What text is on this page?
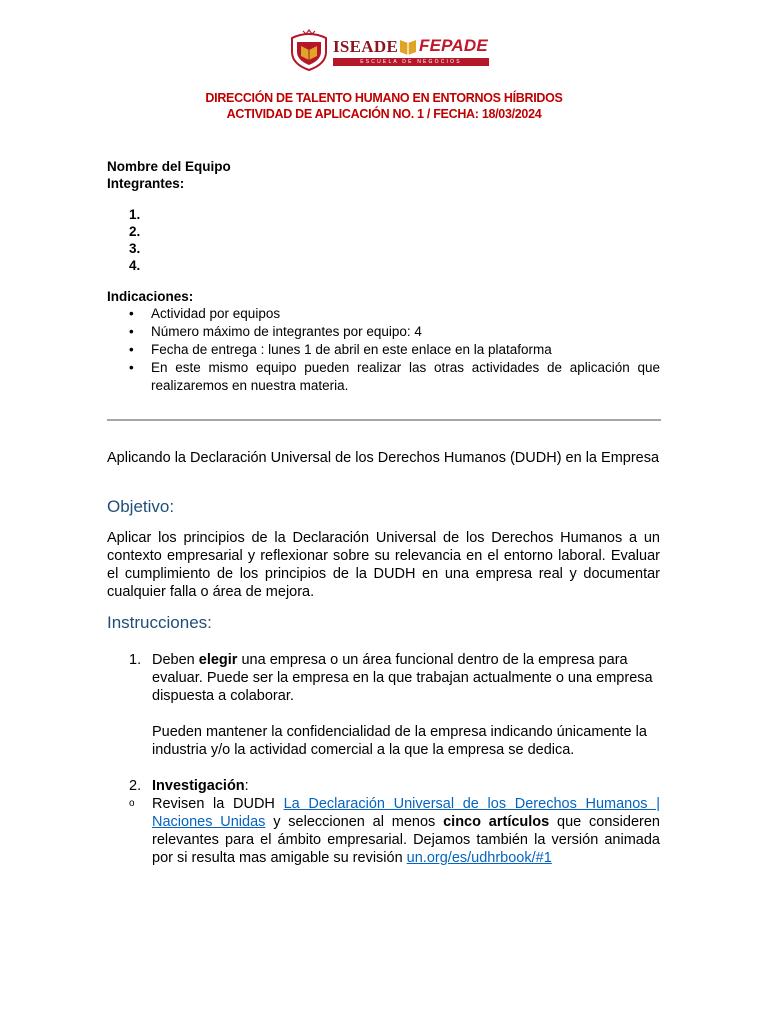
ISEADE FEPADE
ESCUELA DE NEGOCIOS
DIRECCIÓN DE TALENTO HUMANO EN ENTORNOS HÍBRIDOS
ACTIVIDAD DE APLICACIÓN NO. 1 / FECHA: 18/03/2024
Nombre del Equipo
Integrantes:
1.
2.
3.
4.
Indicaciones:
• Actividad por equipos
• Número máximo de integrantes por equipo: 4
• Fecha de entrega : lunes 1 de abril en este enlace en la plataforma
• En este mismo equipo pueden realizar las otras actividades de aplicación que realizaremos en nuestra materia.
Aplicando la Declaración Universal de los Derechos Humanos (DUDH) en la Empresa
Objetivo:
Aplicar los principios de la Declaración Universal de los Derechos Humanos a un contexto empresarial y reflexionar sobre su relevancia en el entorno laboral. Evaluar el cumplimiento de los principios de la DUDH en una empresa real y documentar cualquier falla o área de mejora.
Instrucciones:
1. Deben elegir una empresa o un área funcional dentro de la empresa para evaluar. Puede ser la empresa en la que trabajan actualmente o una empresa dispuesta a colaborar.
Pueden mantener la confidencialidad de la empresa indicando únicamente la industria y/o la actividad comercial a la que la empresa se dedica.
2. Investigación:
o Revisen la DUDH La Declaración Universal de los Derechos Humanos | Naciones Unidas y seleccionen al menos cinco artículos que consideren relevantes para el ámbito empresarial. Dejamos también la versión animada por si resulta mas amigable su revisión un.org/es/udhrbook/#1
